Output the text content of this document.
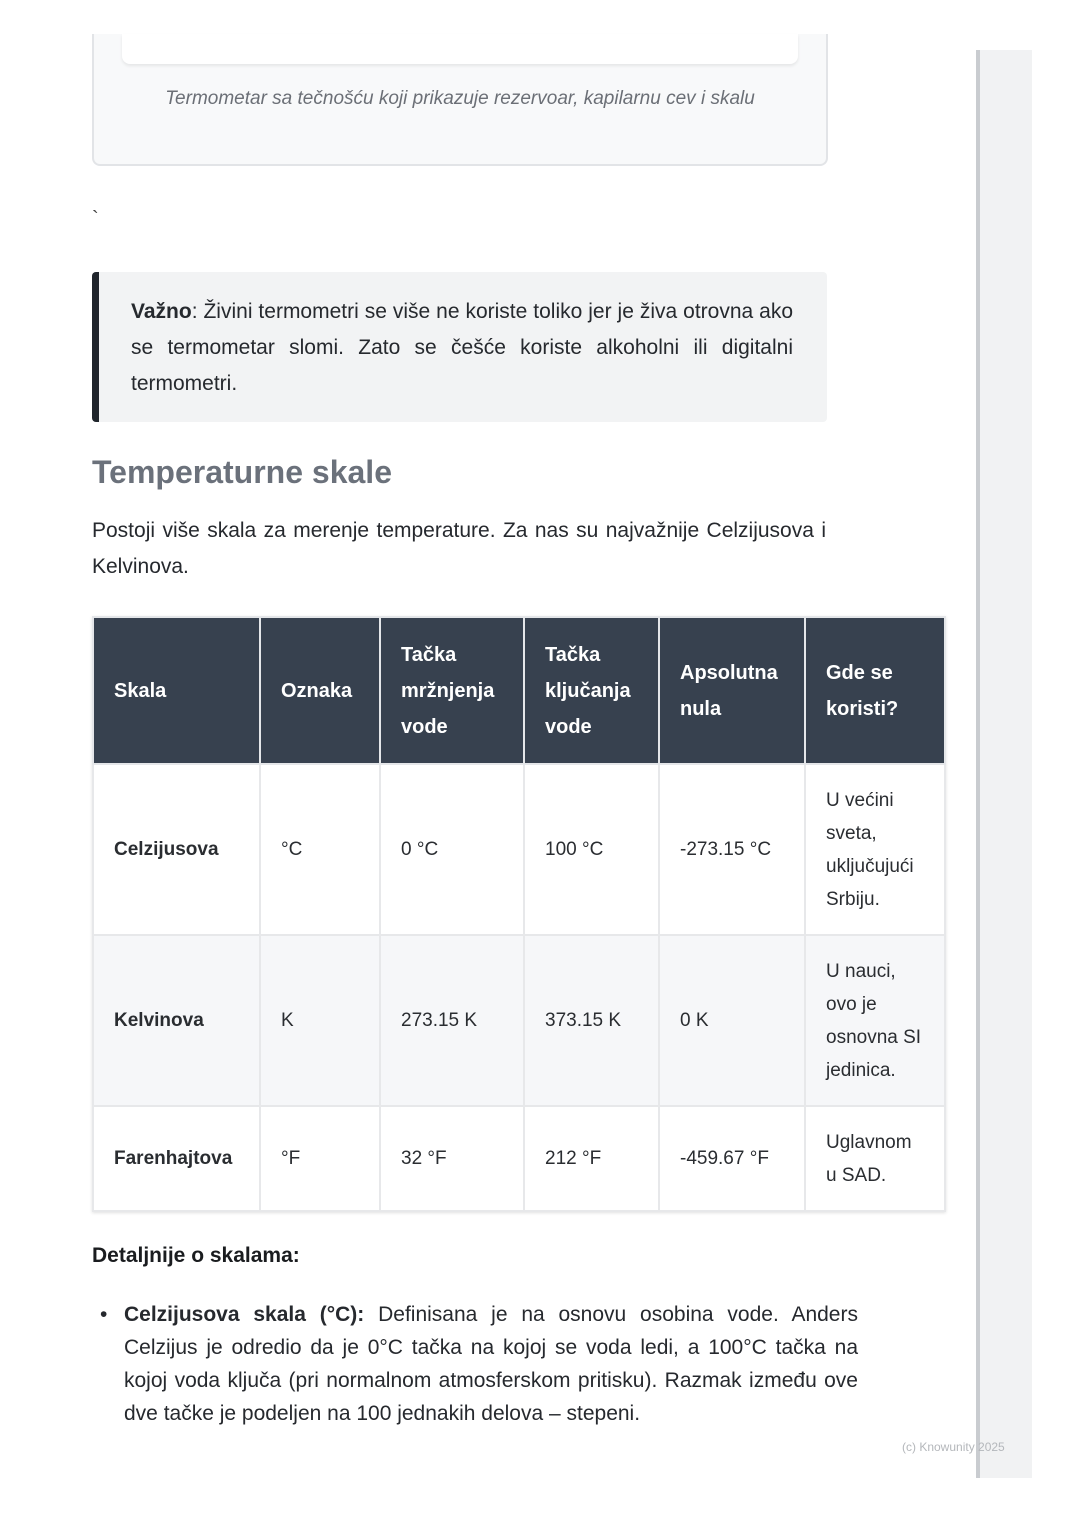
Termometar sa tečnošću koji prikazuje rezervoar, kapilarnu cev i skalu
`
Važno: Živini termometri se više ne koriste toliko jer je živa otrovna ako se termometar slomi. Zato se češće koriste alkoholni ili digitalni termometri.
Temperaturne skale
Postoji više skala za merenje temperature. Za nas su najvažnije Celzijusova i Kelvinova.
Skala	Oznaka	Tačka mržnjenja vode	Tačka ključanja vode	Apsolutna nula	Gde se koristi?
Celzijusova	°C	0 °C	100 °C	-273.15 °C	U većini sveta, uključujući Srbiju.
Kelvinova	K	273.15 K	373.15 K	0 K	U nauci, ovo je osnovna SI jedinica.
Farenhajtova	°F	32 °F	212 °F	-459.67 °F	Uglavnom u SAD.
Detaljnije o skalama:
• Celzijusova skala (°C): Definisana je na osnovu osobina vode. Anders Celzijus je odredio da je 0°C tačka na kojoj se voda ledi, a 100°C tačka na kojoj voda ključa (pri normalnom atmosferskom pritisku). Razmak između ove dve tačke je podeljen na 100 jednakih delova – stepeni.
(c) Knowunity 2025
